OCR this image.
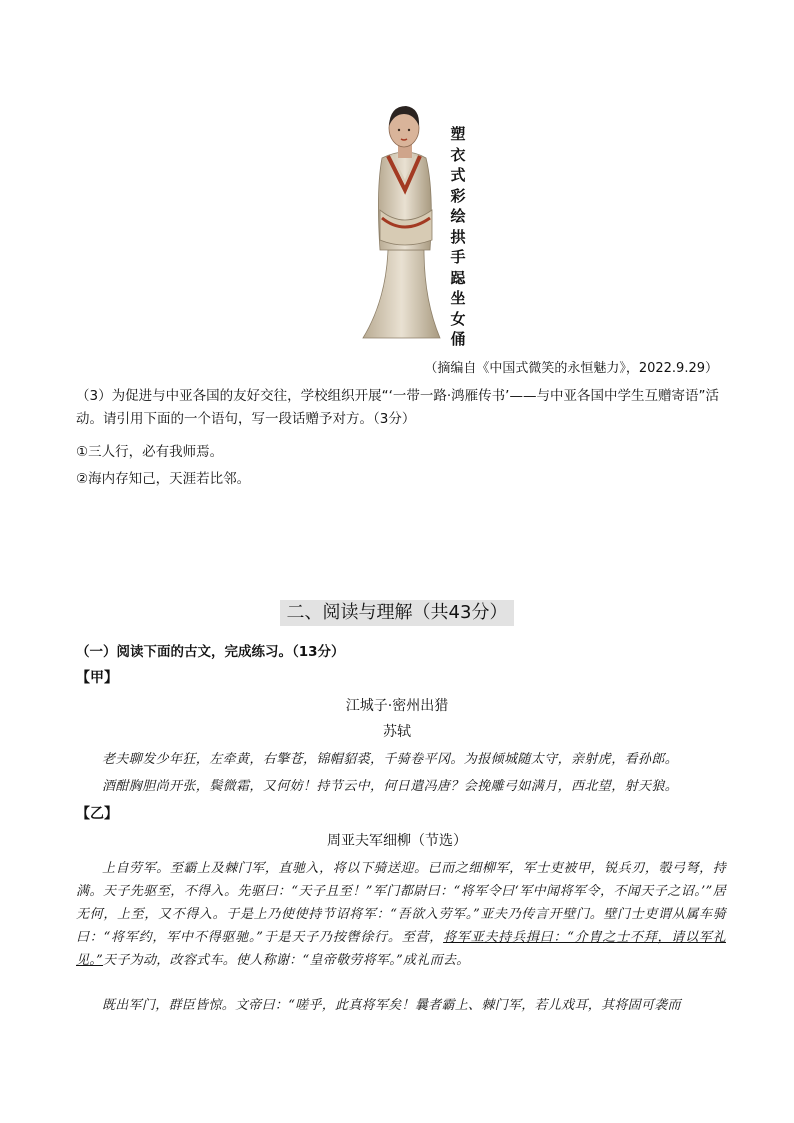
塑
衣
式
彩
绘
拱
手
跽
坐
女
俑
（摘编自《中国式微笑的永恒魅力》，2022.9.29）
（3）为促进与中亚各国的友好交往，学校组织开展“‘一带一路·鸿雁传书’——与中亚各国中学生互赠寄语”活动。请引用下面的一个语句，写一段话赠予对方。（3分）
①三人行，必有我师焉。
②海内存知己，天涯若比邻。
二、阅读与理解（共43分）
（一）阅读下面的古文，完成练习。（13分）
【甲】
江城子·密州出猎
苏轼
老夫聊发少年狂，左牵黄，右擎苍，锦帽貂裘，千骑卷平冈。为报倾城随太守，亲射虎，看孙郎。
酒酣胸胆尚开张，鬓微霜，又何妨！持节云中，何日遣冯唐？会挽雕弓如满月，西北望，射天狼。
【乙】
周亚夫军细柳（节选）
上自劳军。至霸上及棘门军，直驰入，将以下骑送迎。已而之细柳军，军士吏被甲，锐兵刃，彀弓弩，持满。天子先驱至，不得入。先驱曰：“天子且至！”军门都尉曰：“将军令曰‘军中闻将军令，不闻天子之诏。’”居无何，上至，又不得入。于是上乃使使持节诏将军：“吾欲入劳军。”亚夫乃传言开壁门。壁门士吏谓从属车骑曰：“将军约，军中不得驱驰。”于是天子乃按辔徐行。至营，将军亚夫持兵揖曰：“介胄之士不拜，请以军礼见。”天子为动，改容式车。使人称谢：“皇帝敬劳将军。”成礼而去。
既出军门，群臣皆惊。文帝曰：“嗟乎，此真将军矣！曩者霸上、棘门军，若儿戏耳，其将固可袭而
